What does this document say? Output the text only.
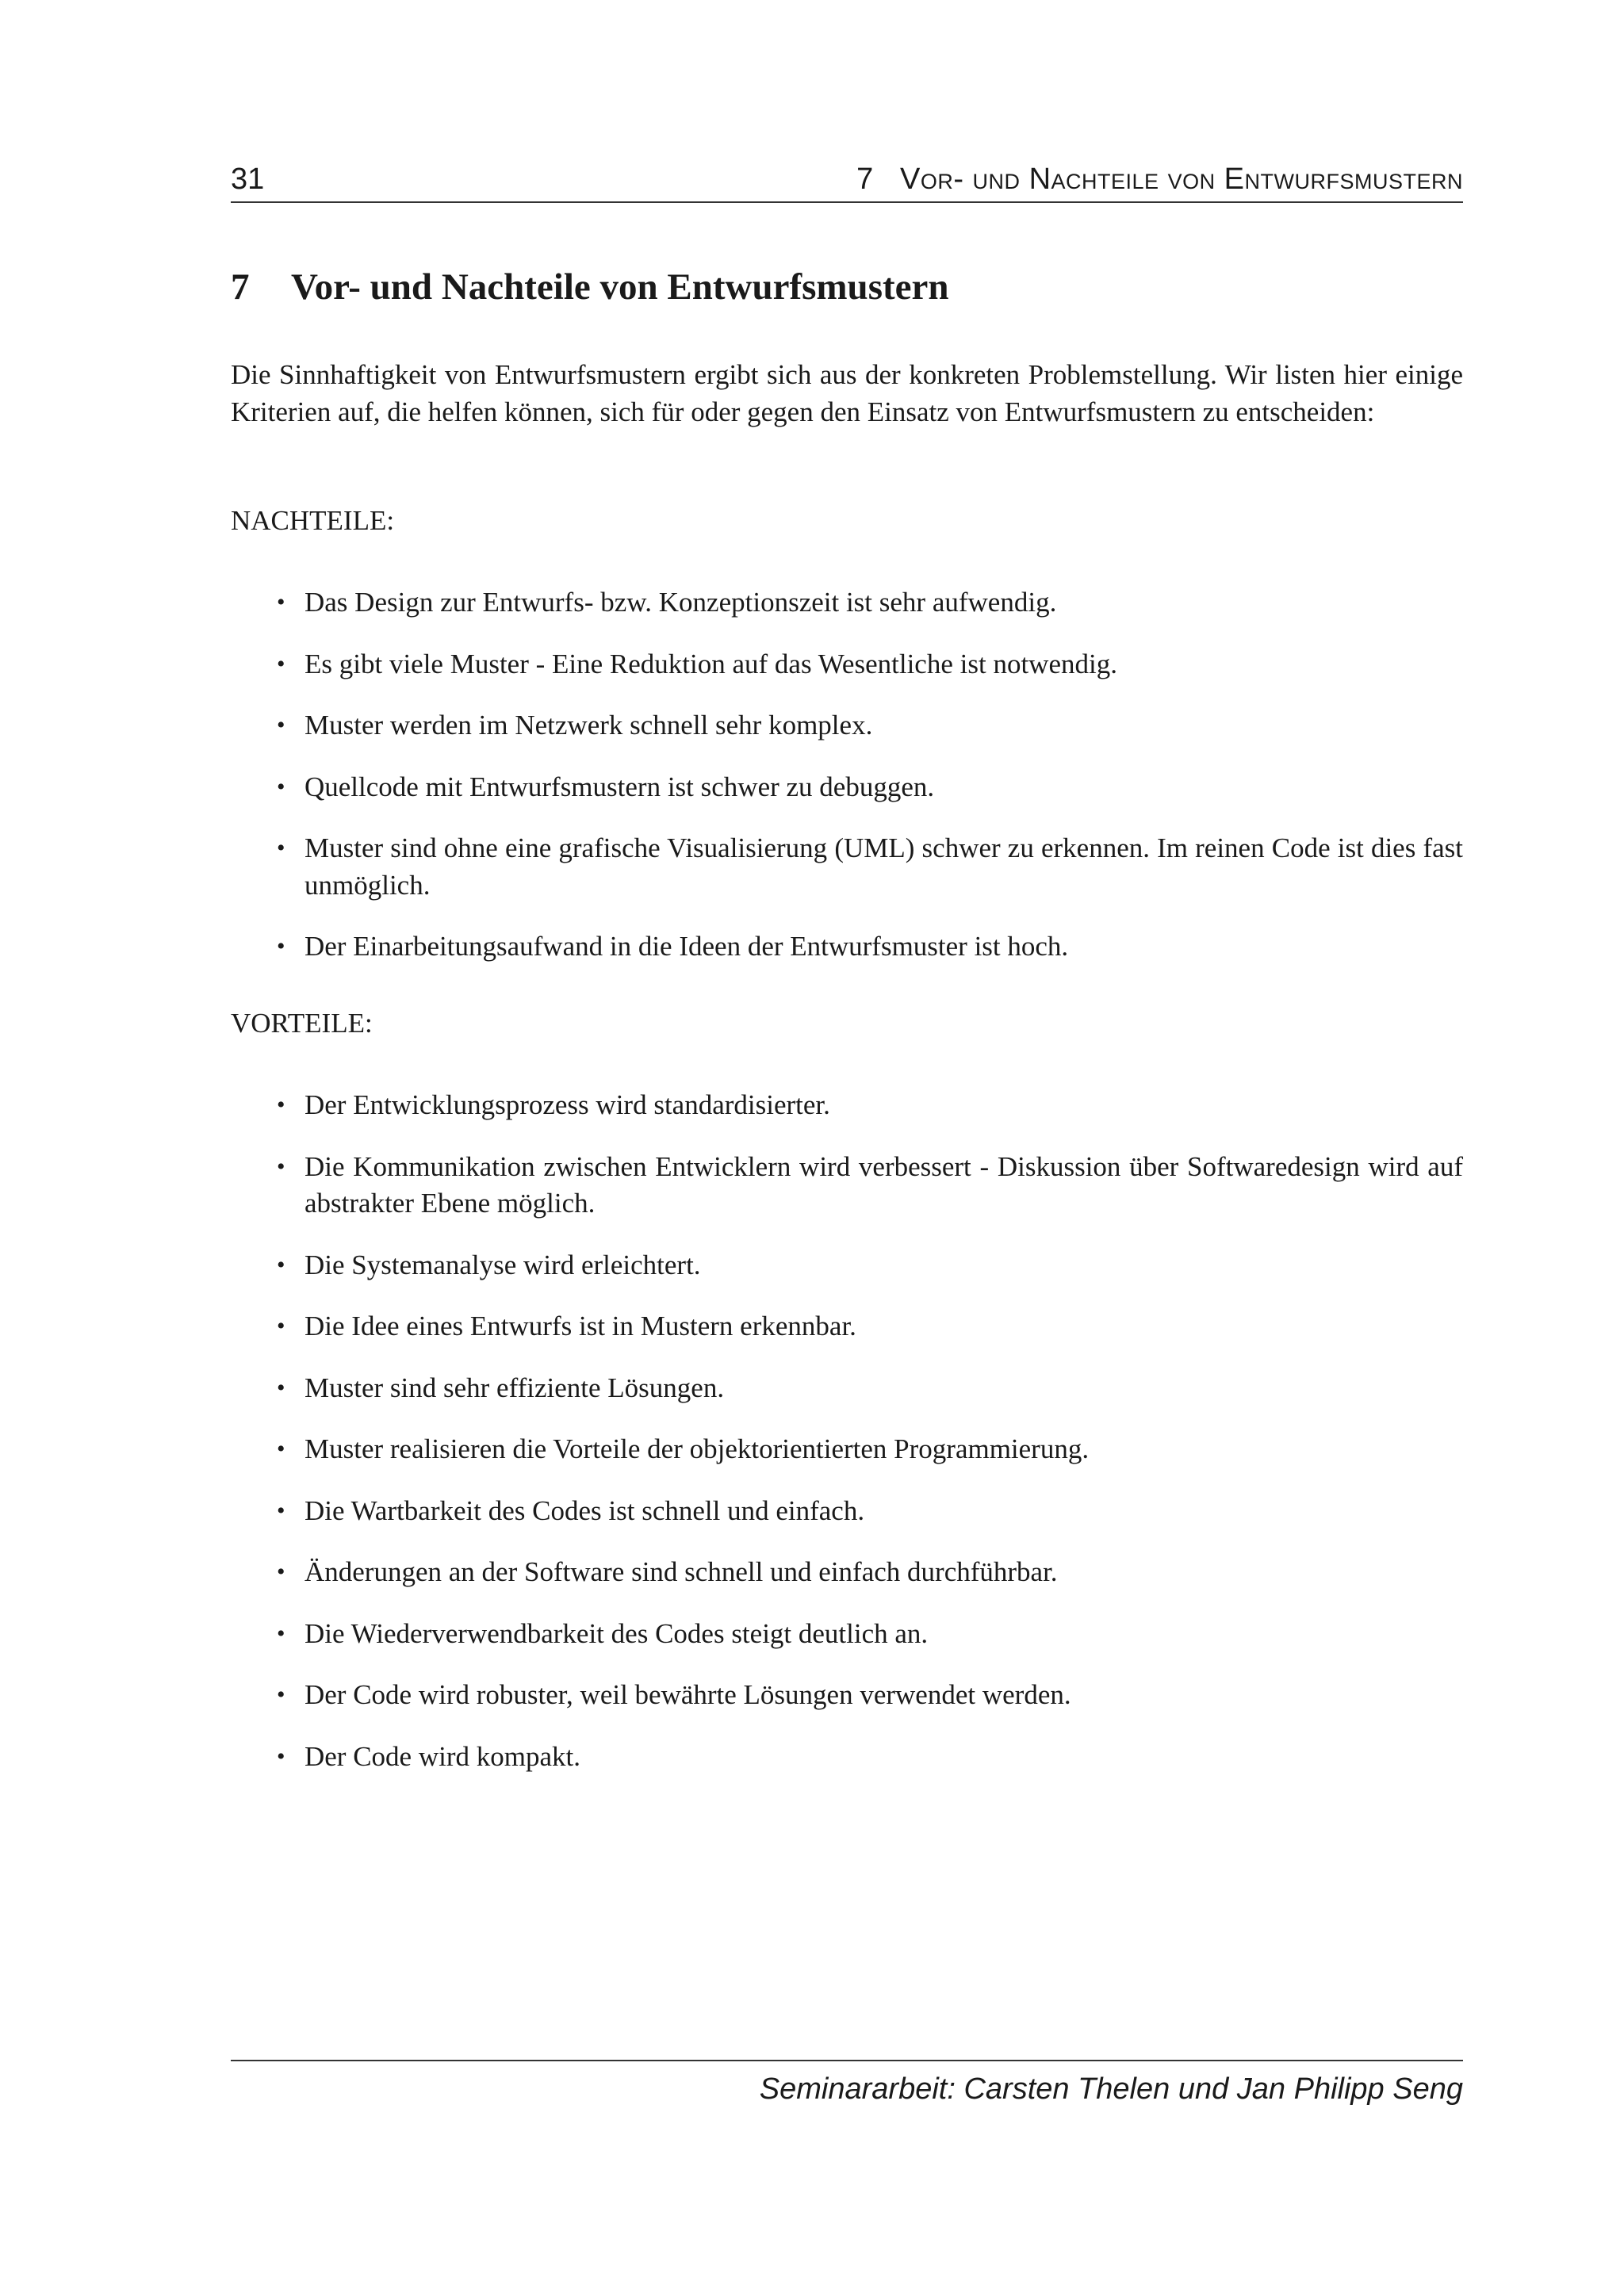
31	7 Vor- und Nachteile von Entwurfsmustern
7 Vor- und Nachteile von Entwurfsmustern

Die Sinnhaftigkeit von Entwurfsmustern ergibt sich aus der konkreten Problemstellung. Wir listen hier einige Kriterien auf, die helfen können, sich für oder gegen den Einsatz von Entwurfsmustern zu entscheiden:

NACHTEILE:

• Das Design zur Entwurfs- bzw. Konzeptionszeit ist sehr aufwendig.
• Es gibt viele Muster - Eine Reduktion auf das Wesentliche ist notwendig.
• Muster werden im Netzwerk schnell sehr komplex.
• Quellcode mit Entwurfsmustern ist schwer zu debuggen.
• Muster sind ohne eine grafische Visualisierung (UML) schwer zu erkennen. Im reinen Code ist dies fast unmöglich.
• Der Einarbeitungsaufwand in die Ideen der Entwurfsmuster ist hoch.

VORTEILE:

• Der Entwicklungsprozess wird standardisierter.
• Die Kommunikation zwischen Entwicklern wird verbessert - Diskussion über Softwaredesign wird auf abstrakter Ebene möglich.
• Die Systemanalyse wird erleichtert.
• Die Idee eines Entwurfs ist in Mustern erkennbar.
• Muster sind sehr effiziente Lösungen.
• Muster realisieren die Vorteile der objektorientierten Programmierung.
• Die Wartbarkeit des Codes ist schnell und einfach.
• Änderungen an der Software sind schnell und einfach durchführbar.
• Die Wiederverwendbarkeit des Codes steigt deutlich an.
• Der Code wird robuster, weil bewährte Lösungen verwendet werden.
• Der Code wird kompakt.
Seminararbeit: Carsten Thelen und Jan Philipp Seng
